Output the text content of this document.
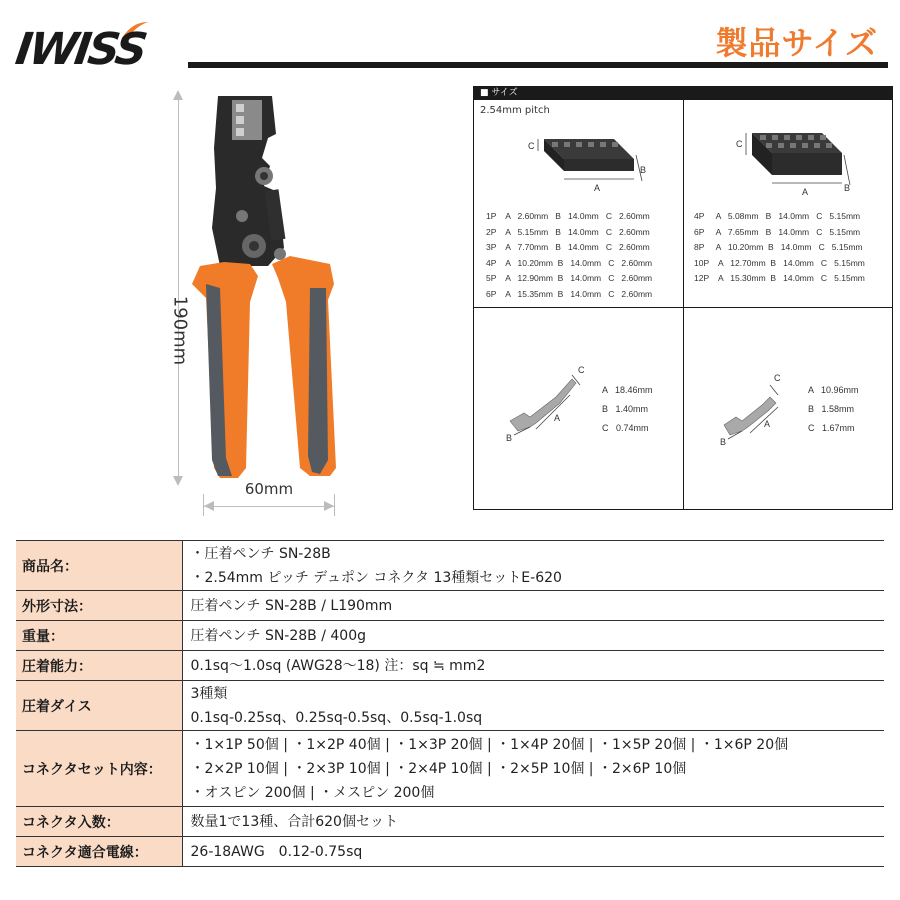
IWISS	製品サイズ
190mm
60mm
■ サイズ
2.54mm pitch
A
B
C
A	B
C
1P    A   2.60mm   B   14.0mm   C   2.60mm
2P    A   5.15mm   B   14.0mm   C   2.60mm
3P    A   7.70mm   B   14.0mm   C   2.60mm
4P    A   10.20mm  B   14.0mm   C   2.60mm
5P    A   12.90mm  B   14.0mm   C   2.60mm
6P    A   15.35mm  B   14.0mm   C   2.60mm
4P     A   5.08mm   B   14.0mm   C   5.15mm
6P     A   7.65mm   B   14.0mm   C   5.15mm
8P     A   10.20mm  B   14.0mm   C   5.15mm
10P    A   12.70mm  B   14.0mm   C   5.15mm
12P    A   15.30mm  B   14.0mm   C   5.15mm
A
B
C
A   18.46mm
B   1.40mm
C   0.74mm	A
B
C
A   10.96mm
B   1.58mm
C   1.67mm
商品名：	・圧着ペンチ SN-28B
・2.54mm ピッチ デュポン コネクタ 13種類セットE-620

外形寸法：	圧着ペンチ SN-28B / L190mm

重量：	圧着ペンチ SN-28B / 400g

圧着能力：	0.1sq〜1.0sq (AWG28〜18) 注：sq ≒ mm2

圧着ダイス	3種類
0.1sq-0.25sq、0.25sq-0.5sq、0.5sq-1.0sq

コネクタセット内容：	・1×1P 50個 | ・1×2P 40個 | ・1×3P 20個 | ・1×4P 20個 | ・1×5P 20個 | ・1×6P 20個
・2×2P 10個 | ・2×3P 10個 | ・2×4P 10個 | ・2×5P 10個 | ・2×6P 10個
・オスピン 200個 | ・メスピン 200個

コネクタ入数：	数量1で13種、合計620個セット

コネクタ適合電線：	26-18AWG　0.12-0.75sq
